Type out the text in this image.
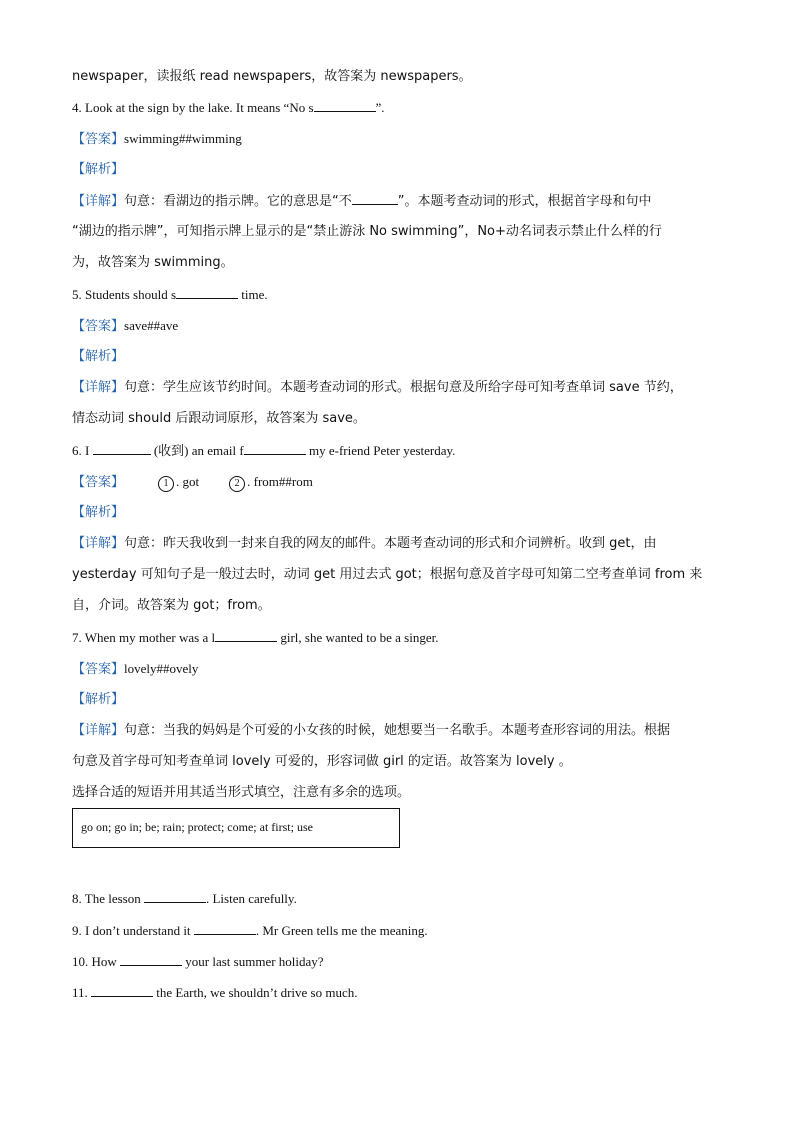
newspaper，读报纸 read newspapers，故答案为 newspapers。
4. Look at the sign by the lake. It means “No s	”.
【答案】swimming##wimming
【解析】
【详解】句意：看湖边的指示牌。它的意思是“不	”。本题考查动词的形式，根据首字母和句中
“湖边的指示牌”，可知指示牌上显示的是“禁止游泳 No swimming”，No+动名词表示禁止什么样的行
为，故答案为 swimming。
5. Students should s	time.
【答案】save##ave
【解析】
【详解】句意：学生应该节约时间。本题考查动词的形式。根据句意及所给字母可知考查单词 save 节约，
情态动词 should 后跟动词原形，故答案为 save。
6. I	(收到) an email f	my e-friend Peter yesterday.
【答案】	1 . got	2 . from##rom
【解析】
【详解】句意：昨天我收到一封来自我的网友的邮件。本题考查动词的形式和介词辨析。收到 get，由
yesterday 可知句子是一般过去时，动词 get 用过去式 got；根据句意及首字母可知第二空考查单词 from 来
自，介词。故答案为 got；from。
7. When my mother was a l	girl, she wanted to be a singer.
【答案】lovely##ovely
【解析】
【详解】句意：当我的妈妈是个可爱的小女孩的时候，她想要当一名歌手。本题考查形容词的用法。根据
句意及首字母可知考查单词 lovely 可爱的，形容词做 girl 的定语。故答案为 lovely 。
选择合适的短语并用其适当形式填空，注意有多余的选项。
go on; go in; be; rain; protect; come; at first; use
8. The lesson	. Listen carefully.
9. I don’t understand it	. Mr Green tells me the meaning.
10. How	your last summer holiday?
11.	the Earth, we shouldn’t drive so much.
